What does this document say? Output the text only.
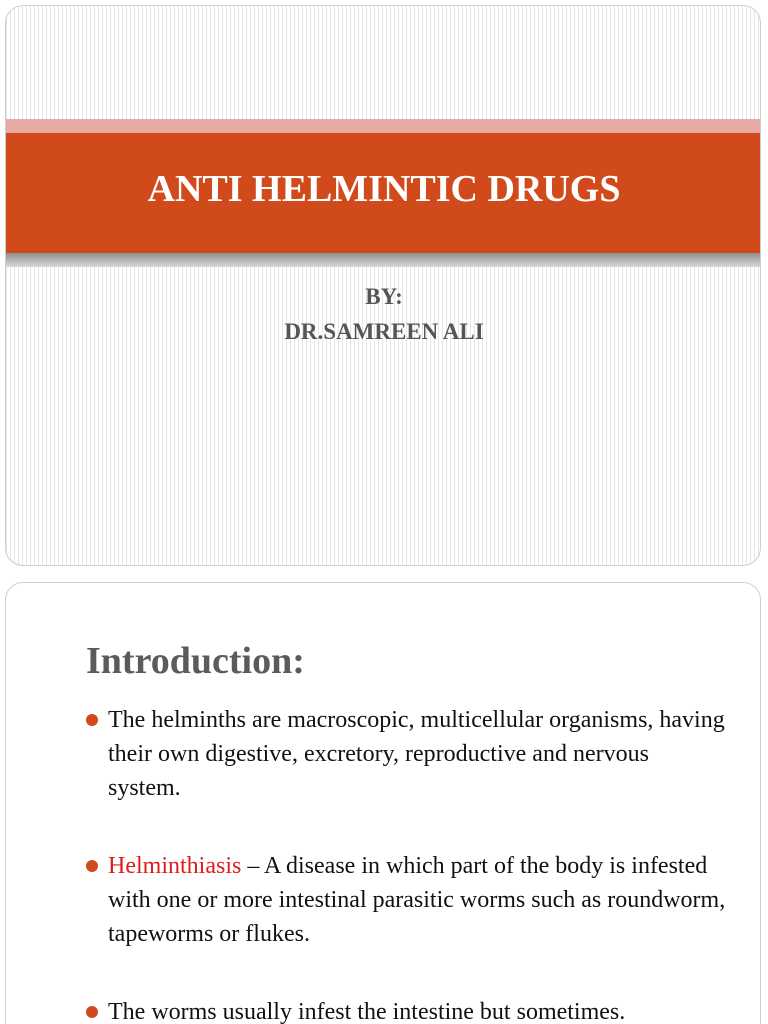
ANTI HELMINTIC DRUGS
BY:
DR.SAMREEN ALI
Introduction:
The helminths are macroscopic, multicellular organisms, having their own digestive, excretory, reproductive and nervous system.
Helminthiasis – A disease in which part of the body is infested with one or more intestinal parasitic worms such as roundworm, tapeworms or flukes.
The worms usually infest the intestine but sometimes.
